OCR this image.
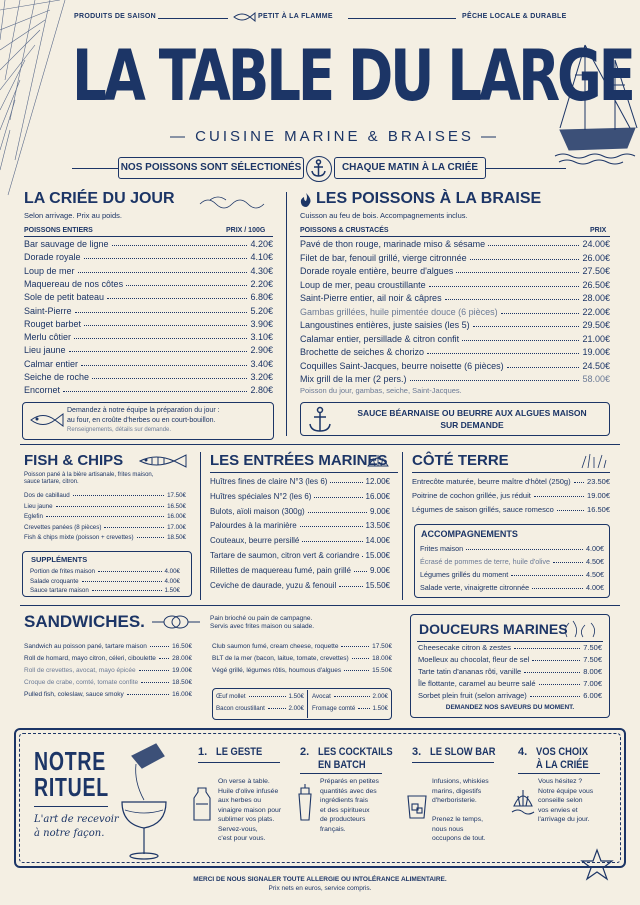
PRODUITS DE SAISON	PETIT À LA FLAMME	PÊCHE LOCALE & DURABLE
LA TABLE DU LARGE
— CUISINE MARINE & BRAISES —
NOS POISSONS SONT SÉLECTIONÉS	CHAQUE MATIN À LA CRIÉE
LA CRIÉE DU JOUR
Selon arrivage. Prix au poids.
POISSONS ENTIERS	PRIX / 100G
Bar sauvage de ligne	4.20€
Dorade royale	4.10€
Loup de mer	4.30€
Maquereau de nos côtes	2.20€
Sole de petit bateau	6.80€
Saint-Pierre	5.20€
Rouget barbet	3.90€
Merlu côtier	3.10€
Lieu jaune	2.90€
Calmar entier	3.40€
Seiche de roche	3.20€
Encornet	2.80€
Demandez à notre équipe la préparation du jour :
au four, en croûte d'herbes ou en court-bouillon.
Renseignements, détails sur demande.
LES POISSONS À LA BRAISE
Cuisson au feu de bois. Accompagnements inclus.
POISSONS & CRUSTACÉS	PRIX
Pavé de thon rouge, marinade miso & sésame	24.00€
Filet de bar, fenouil grillé, vierge citronnée	26.00€
Dorade royale entière, beurre d'algues	27.50€
Loup de mer, peau croustillante	26.50€
Saint-Pierre entier, ail noir & câpres	28.00€
Gambas grillées, huile pimentée douce (6 pièces)	22.00€
Langoustines entières, juste saisies (les 5)	29.50€
Calamar entier, persillade & citron confit	21.00€
Brochette de seiches & chorizo	19.00€
Coquilles Saint-Jacques, beurre noisette (6 pièces)	24.50€
Mix grill de la mer (2 pers.)	58.00€
Poisson du jour, gambas, seiche, Saint-Jacques.
SAUCE BÉARNAISE OU BEURRE AUX ALGUES MAISON
SUR DEMANDE
FISH & CHIPS
Poisson pané à la bière artisanale, frites maison,
sauce tartare, citron.
Dos de cabillaud	17.50€
Lieu jaune	16.50€
Eglefin	16.00€
Crevettes panées (8 pièces)	17.00€
Fish & chips mixte (poisson + crevettes)	18.50€
SUPPLÉMENTS
Portion de frites maison	4.00€
Salade croquante	4.00€
Sauce tartare maison	1.50€
LES ENTRÉES MARINES
Huîtres fines de claire N°3 (les 6)	12.00€
Huîtres spéciales N°2 (les 6)	16.00€
Bulots, aïoli maison (300g)	9.00€
Palourdes à la marinière	13.50€
Couteaux, beurre persillé	14.00€
Tartare de saumon, citron vert & coriandre 15.00€
Rillettes de maquereau fumé, pain grillé 9.00€
Ceviche de daurade, yuzu & fenouil	15.50€
CÔTÉ TERRE
Entrecôte maturée, beurre maître d'hôtel (250g) 23.50€
Poitrine de cochon grillée, jus réduit	19.00€
Légumes de saison grillés, sauce romesco	16.50€
ACCOMPAGNEMENTS
Frites maison	4.00€
Écrasé de pommes de terre, huile d'olive	4.50€
Légumes grillés du moment	4.50€
Salade verte, vinaigrette citronnée	4.00€
SANDWICHES.	Pain brioché ou pain de campagne.
Servis avec frites maison ou salade.
Sandwich au poisson pané, tartare maison	16.50€
Roll de homard, mayo citron, céleri, ciboulette 28.00€
Roll de crevettes, avocat, mayo épicée	19.00€
Croque de crabe, comté, tomate confite	18.50€
Pulled fish, coleslaw, sauce smoky	16.00€
Club saumon fumé, cream cheese, roquette	17.50€
BLT de la mer (bacon, laitue, tomate, crevettes)	18.00€
Végé grillé, légumes rôtis, houmous d'algues	15.50€
Œuf mollet	1.50€ Avocat	2.00€
Bacon croustillant	2.00€ Fromage comté	1.50€
DOUCEURS MARINES
DEMANDEZ NOS SAVEURS DU MOMENT.
Cheesecake citron & zestes	7.50€
Moelleux au chocolat, fleur de sel	7.50€
Tarte tatin d'ananas rôti, vanille	8.00€
Île flottante, caramel au beurre salé	7.00€
Sorbet plein fruit (selon arrivage)	6.00€
NOTRE
RITUEL
L'art de recevoir
à notre façon.
1. LE GESTE
On verse à table.
Huile d'olive infusée
aux herbes ou
vinaigre maison pour
sublimer vos plats.
Servez-vous,
c'est pour vous.
2. LES COCKTAILS
EN BATCH
Préparés en petites
quantités avec des
ingrédients frais
et des spiritueux
de producteurs
français.
3. LE SLOW BAR
Infusions, whiskies
marins, digestifs
d'herboristerie.
Prenez le temps,
nous nous
occupons de tout.
4. VOS CHOIX
À LA CRIÉE
Vous hésitez ?
Notre équipe vous
conseille selon
vos envies et
l'arrivage du jour.
MERCI DE NOUS SIGNALER TOUTE ALLERGIE OU INTOLÉRANCE ALIMENTAIRE.
Prix nets en euros, service compris.
